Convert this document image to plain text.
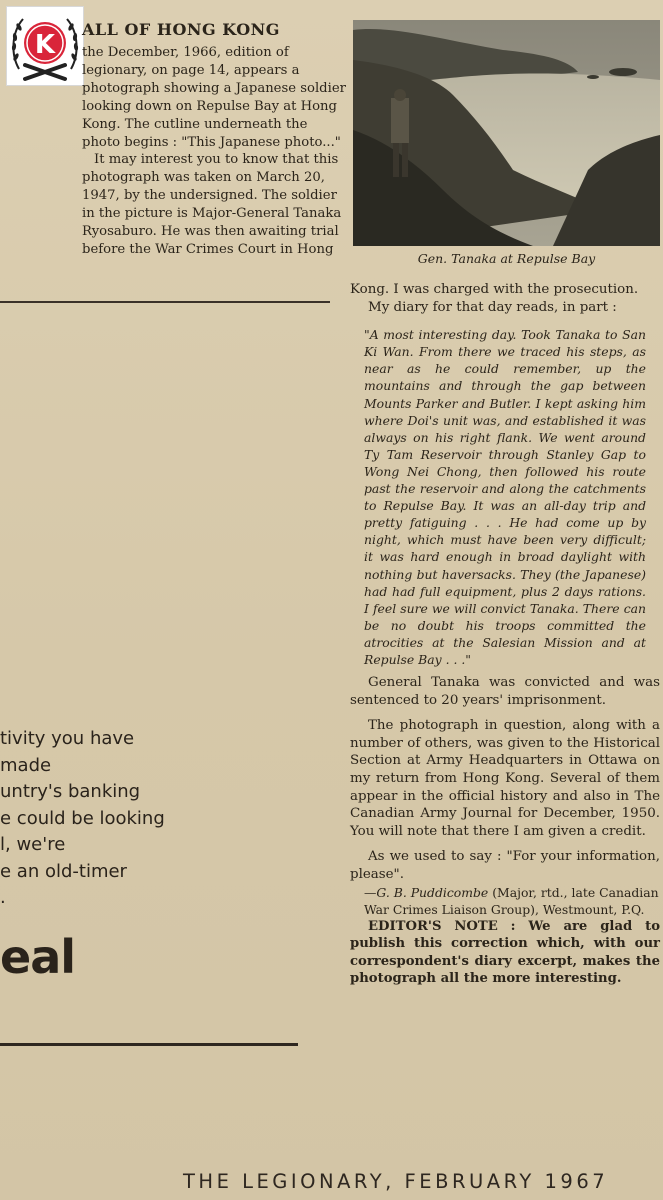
K
ALL OF HONG KONG
the December, 1966, edition of
legionary, on page 14, appears a
photograph showing a Japanese soldier
looking down on Repulse Bay at Hong
Kong. The cutline underneath the
photo begins : "This Japanese photo..."
It may interest you to know that this
photograph was taken on March 20,
1947, by the undersigned. The soldier
in the picture is Major-General Tanaka
Ryosaburo. He was then awaiting trial
before the War Crimes Court in Hong
Gen. Tanaka at Repulse Bay
tivity you have
made
untry's banking
e could be looking
l, we're
e an old-timer
.
eal

Kong. I was charged with the prosecution.

My diary for that day reads, in part :

"A most interesting day. Took Tanaka to San Ki Wan. From there we traced his steps, as near as he could remember, up the mountains and through the gap between Mounts Parker and Butler. I kept asking him where Doi's unit was, and established it was always on his right flank. We went around Ty Tam Reservoir through Stanley Gap to Wong Nei Chong, then followed his route past the reservoir and along the catchments to Repulse Bay. It was an all-day trip and pretty fatiguing . . . He had come up by night, which must have been very difficult; it was hard enough in broad daylight with nothing but haversacks. They (the Japanese) had had full equipment, plus 2 days rations. I feel sure we will convict Tanaka. There can be no doubt his troops committed the atrocities at the Salesian Mission and at Repulse Bay . . ."

General Tanaka was convicted and was sentenced to 20 years' imprisonment.

The photograph in question, along with a number of others, was given to the Historical Section at Army Headquarters in Ottawa on my return from Hong Kong. Several of them appear in the official history and also in The Canadian Army Journal for December, 1950. You will note that there I am given a credit.

As we used to say : "For your information, please".

—G. B. Puddicombe (Major, rtd., late Canadian War Crimes Liaison Group), Westmount, P.Q.

EDITOR'S NOTE : We are glad to publish this correction which, with our correspondent's diary excerpt, makes the photograph all the more interesting.

THE LEGIONARY, FEBRUARY 1967
